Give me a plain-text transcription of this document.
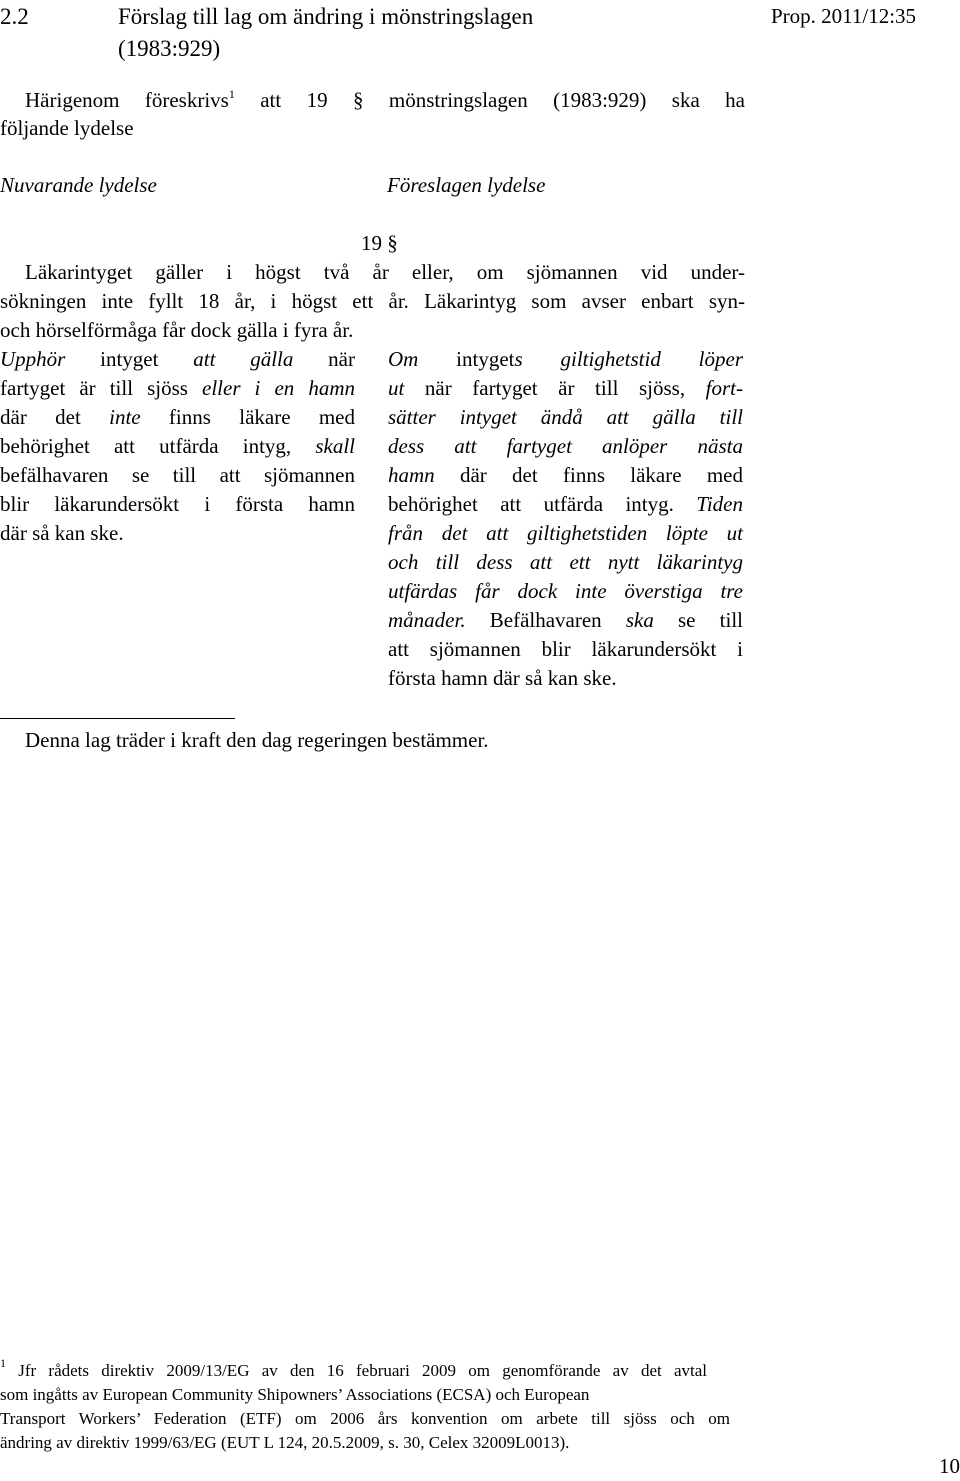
2.2	Förslag till lag om ändring i mönstringslagen
(1983:929)
Prop. 2011/12:35
Härigenom föreskrivs$^1$ att 19 § mönstringslagen (1983:929) ska ha
följande lydelse
Nuvarande lydelse	Föreslagen lydelse
19 §
Läkarintyget gäller i högst två år eller, om sjömannen vid under-
sökningen inte fyllt 18 år, i högst ett år. Läkarintyg som avser enbart syn-
och hörselförmåga får dock gälla i fyra år.
Upphör intyget att gälla när
fartyget är till sjöss eller i en hamn
där det inte finns läkare med
behörighet att utfärda intyg, skall
befälhavaren se till att sjömannen
blir läkarundersökt i första hamn
där så kan ske.
Om intygets giltighetstid löper
ut när fartyget är till sjöss, fort-
sätter intyget ändå att gälla till
dess att fartyget anlöper nästa
hamn där det finns läkare med
behörighet att utfärda intyg. Tiden
från det att giltighetstiden löpte ut
och till dess att ett nytt läkarintyg
utfärdas får dock inte överstiga tre
månader. Befälhavaren ska se till
att sjömannen blir läkarundersökt i
första hamn där så kan ske.
Denna lag träder i kraft den dag regeringen bestämmer.
$^1$ Jfr rådets direktiv 2009/13/EG av den 16 februari 2009 om genomförande av det avtal
som ingåtts av European Community Shipowners’ Associations (ECSA) och European
Transport Workers’ Federation (ETF) om 2006 års konvention om arbete till sjöss och om
ändring av direktiv 1999/63/EG (EUT L 124, 20.5.2009, s. 30, Celex 32009L0013).
10
